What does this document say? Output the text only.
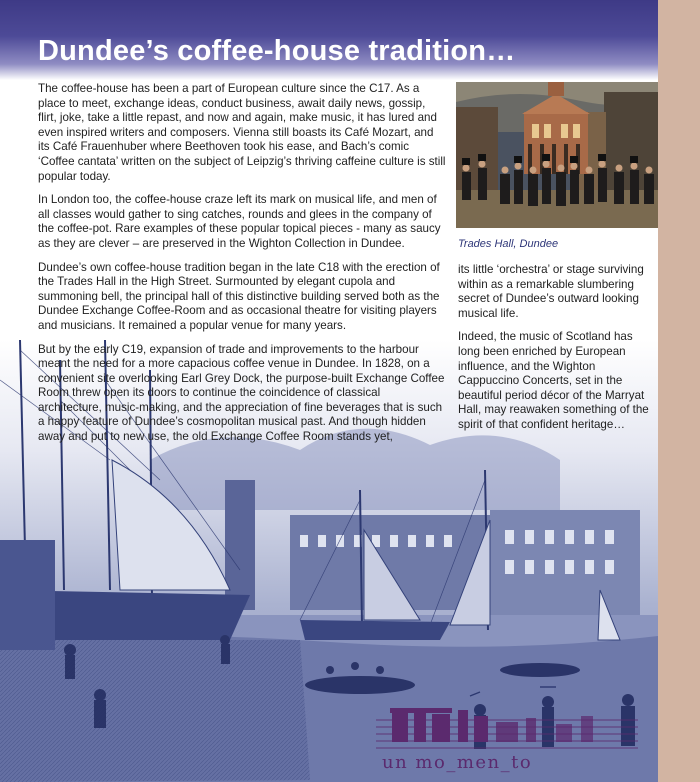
Dundee’s coffee-house tradition…

The coffee-house has been a part of European culture since the C17. As a place to meet, exchange ideas, conduct business, await daily news, gossip, flirt, joke, take a little repast, and now and again, make music, it has lured and even inspired writers and composers. Vienna still boasts its Café Mozart, and its Café Frauenhuber where Beethoven took his ease, and Bach’s comic ‘Coffee cantata’ written on the subject of Leipzig’s thriving caffeine culture is still popular today.

In London too, the coffee-house craze left its mark on musical life, and men of all classes would gather to sing catches, rounds and glees in the company of the coffee-pot. Rare examples of these popular topical pieces - many as saucy as they are clever – are preserved in the Wighton Collection in Dundee.

Dundee’s own coffee-house tradition began in the late C18 with the erection of the Trades Hall in the High Street. Surmounted by elegant cupola and summoning bell, the principal hall of this distinctive building served both as the Dundee Exchange Coffee-Room and as occasional theatre for visiting players and musicians. It remained a popular venue for many years.

But by the early C19, expansion of trade and improvements to the harbour meant the need for a more capacious coffee venue in Dundee. In 1828, on a convenient site overlooking Earl Grey Dock, the purpose-built Exchange Coffee Room threw open its doors to continue the coincidence of classical architecture, music-making, and the appreciation of fine beverages that is such a happy feature of Dundee’s cosmopolitan musical past. And though hidden away and put to new use, the old Exchange Coffee Room stands yet,

Trades Hall, Dundee

its little ‘orchestra’ or stage surviving within as a remarkable slumbering secret of Dundee’s outward looking musical life.

Indeed, the music of Scotland has long been enriched by European influence, and the Wighton Cappuccino Concerts, set in the beautiful period décor of the Marryat Hall, may reawaken something of the spirit of that confident heritage…

un mo_men_to
